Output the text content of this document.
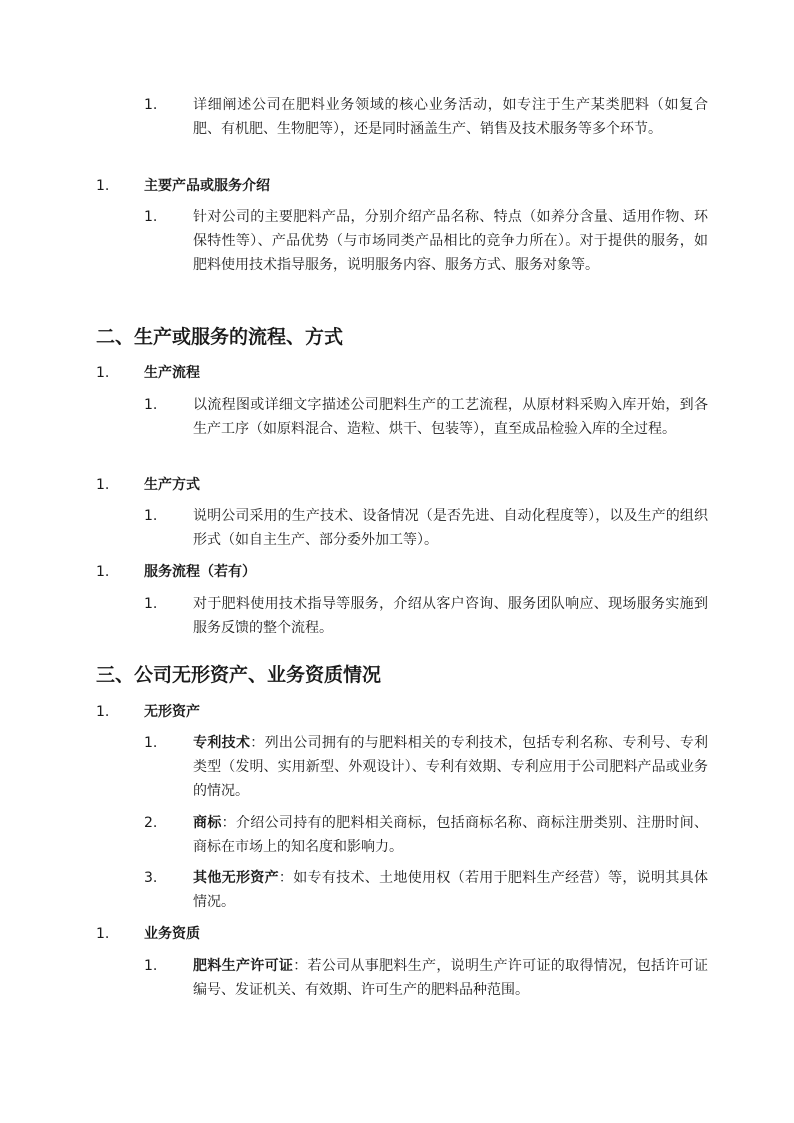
1.	详细阐述公司在肥料业务领域的核心业务活动，如专注于生产某类肥料（如复合肥、有机肥、生物肥等），还是同时涵盖生产、销售及技术服务等多个环节。
1. 主要产品或服务介绍
1.	针对公司的主要肥料产品，分别介绍产品名称、特点（如养分含量、适用作物、环保特性等）、产品优势（与市场同类产品相比的竞争力所在）。对于提供的服务，如肥料使用技术指导服务，说明服务内容、服务方式、服务对象等。
二、生产或服务的流程、方式
1. 生产流程
1.	以流程图或详细文字描述公司肥料生产的工艺流程，从原材料采购入库开始，到各生产工序（如原料混合、造粒、烘干、包装等），直至成品检验入库的全过程。
1. 生产方式
1.	说明公司采用的生产技术、设备情况（是否先进、自动化程度等），以及生产的组织形式（如自主生产、部分委外加工等）。
1. 服务流程（若有）
1.	对于肥料使用技术指导等服务，介绍从客户咨询、服务团队响应、现场服务实施到服务反馈的整个流程。
三、公司无形资产、业务资质情况
1. 无形资产
1.	专利技术：列出公司拥有的与肥料相关的专利技术，包括专利名称、专利号、专利类型（发明、实用新型、外观设计）、专利有效期、专利应用于公司肥料产品或业务的情况。
2.	商标：介绍公司持有的肥料相关商标，包括商标名称、商标注册类别、注册时间、商标在市场上的知名度和影响力。
3.	其他无形资产：如专有技术、土地使用权（若用于肥料生产经营）等，说明其具体情况。
1. 业务资质
1.	肥料生产许可证：若公司从事肥料生产，说明生产许可证的取得情况，包括许可证编号、发证机关、有效期、许可生产的肥料品种范围。
